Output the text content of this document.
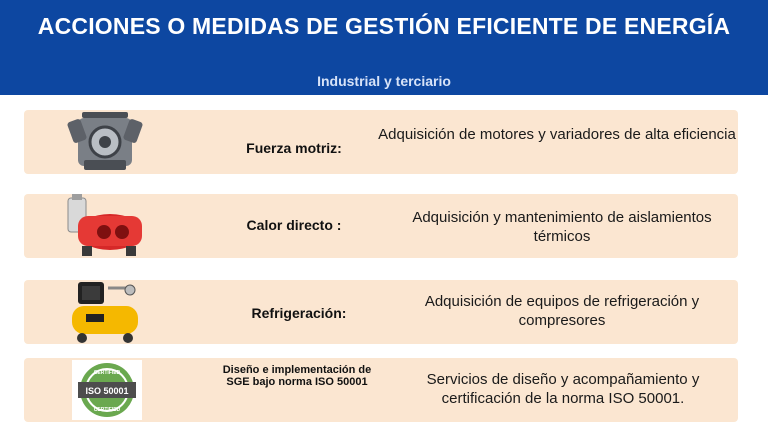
ACCIONES O MEDIDAS DE GESTIÓN EFICIENTE DE ENERGÍA
Industrial y terciario
Fuerza motriz:
Adquisición de motores y variadores de alta eficiencia
Calor directo :	Adquisición y mantenimiento de aislamientos térmicos
Refrigeración:
Adquisición de equipos de refrigeración y compresores
ISO 50001
CERTIFIED
CERTIFIED
Diseño e implementación de SGE bajo norma ISO 50001	Servicios de diseño y acompañamiento y certificación de la norma ISO 50001.
